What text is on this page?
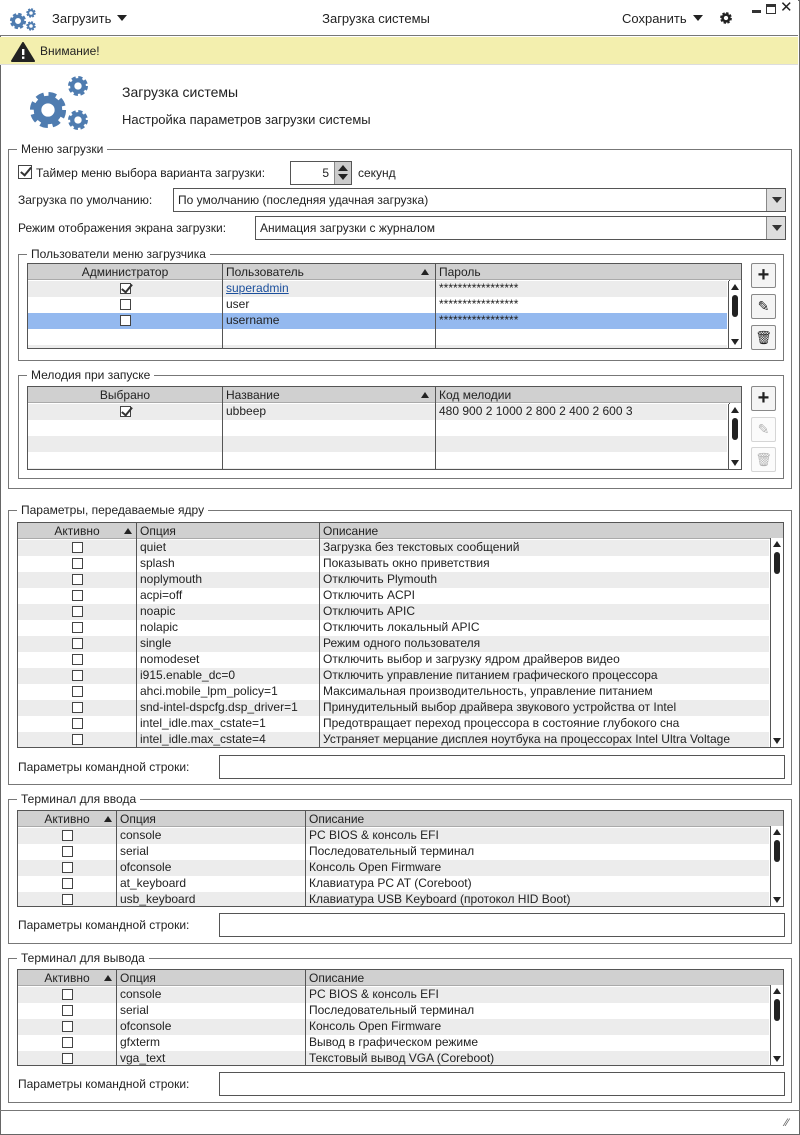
Загрузить	Загрузка системы	Сохранить
✕
Внимание!
Загрузка системы
Настройка параметров загрузки системы
Меню загрузки
Таймер меню выбора варианта загрузки:	5 секунд
Загрузка по умолчанию:	По умолчанию (последняя удачная загрузка)
Режим отображения экрана загрузки:	Анимация загрузки с журналом
Пользователи меню загрузчика
Администратор	Пользователь	Пароль
superadmin	*****************
user	*****************
username	*****************
+
✎
🗑
Мелодия при запуске
Выбрано	Название	Код мелодии
ubbeep	480 900 2 1000 2 800 2 400 2 600 3
+
✎
🗑
Параметры, передаваемые ядру
Активно	Опция	Описание
quiet	Загрузка без текстовых сообщений
splash	Показывать окно приветствия
noplymouth	Отключить Plymouth
acpi=off	Отключить ACPI
noapic	Отключить APIC
nolapic	Отключить локальный APIC
single	Режим одного пользователя
nomodeset	Отключить выбор и загрузку ядром драйверов видео
i915.enable_dc=0	Отключить управление питанием графического процессора
ahci.mobile_lpm_policy=1	Максимальная производительность, управление питанием
snd-intel-dspcfg.dsp_driver=1	Принудительный выбор драйвера звукового устройства от Intel
intel_idle.max_cstate=1	Предотвращает переход процессора в состояние глубокого сна
intel_idle.max_cstate=4	Устраняет мерцание дисплея ноутбука на процессорах Intel Ultra Voltage
Параметры командной строки:
Терминал для ввода
Активно	Опция	Описание
console	PC BIOS & консоль EFI
serial	Последовательный терминал
ofconsole	Консоль Open Firmware
at_keyboard	Клавиатура PC AT (Coreboot)
usb_keyboard	Клавиатура USB Keyboard (протокол HID Boot)
Параметры командной строки:
Терминал для вывода
Активно	Опция	Описание
console	PC BIOS & консоль EFI
serial	Последовательный терминал
ofconsole	Консоль Open Firmware
gfxterm	Вывод в графическом режиме
vga_text	Текстовый вывод VGA (Coreboot)
Параметры командной строки:
⁄⁄
